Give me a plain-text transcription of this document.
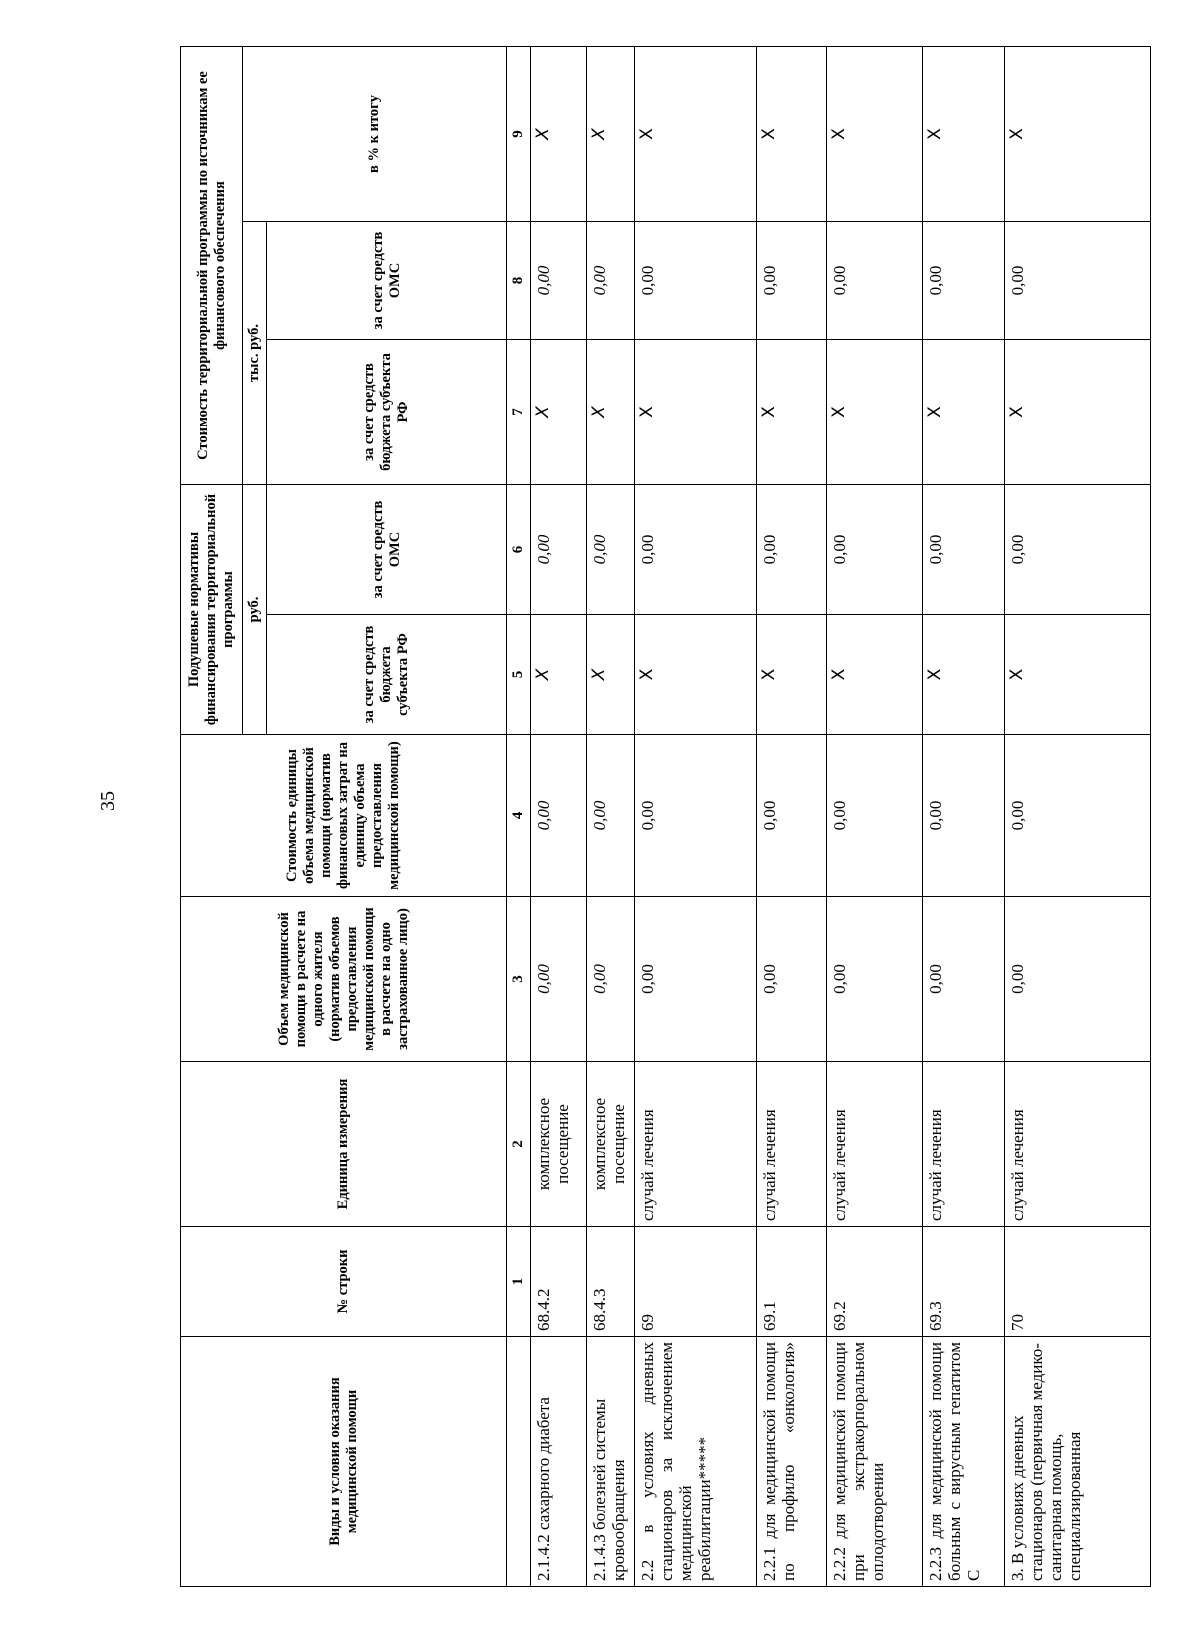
35
Виды и условия оказания медицинской помощи	№ строки	Единица измерения	Объем медицинской помощи в расчете на одного жителя (норматив объемов предоставления медицинской помощи в расчете на одно застрахованное лицо)	Стоимость единицы объема медицинской помощи (норматив финансовых затрат на единицу объема предоставления медицинской помощи)	Подушевые нормативы финансирования территориальной программы		Стоимость территориальной программы по источникам ее финансового обеспечения		
					руб.		тыс. руб.		в % к итогу
					за счет средств бюджета субъекта РФ	за счет средств ОМС	за счет средств бюджета субъекта РФ	за счет средств ОМС	
	1	2	3	4	5	6	7	8	9
2.1.4.2 сахарного диабета	68.4.2	комплексное посещение	0,00	0,00	X	0,00	X	0,00	X
2.1.4.3 болезней системы кровообращения	68.4.3	комплексное посещение	0,00	0,00	X	0,00	X	0,00	X
2.2 в условиях дневных стационаров за исключением медицинской реабилитации*****	69	случай лечения	0,00	0,00	X	0,00	X	0,00	X
2.2.1 для медицинской помощи по профилю «онкология»	69.1	случай лечения	0,00	0,00	X	0,00	X	0,00	X
2.2.2 для медицинской помощи при экстракорпоральном оплодотворении	69.2	случай лечения	0,00	0,00	X	0,00	X	0,00	X
2.2.3 для медицинской помощи больным с вирусным гепатитом С	69.3	случай лечения	0,00	0,00	X	0,00	X	0,00	X
3. В условиях дневных стационаров (первичная медико-санитарная помощь, специализированная	70	случай лечения	0,00	0,00	X	0,00	X	0,00	X
